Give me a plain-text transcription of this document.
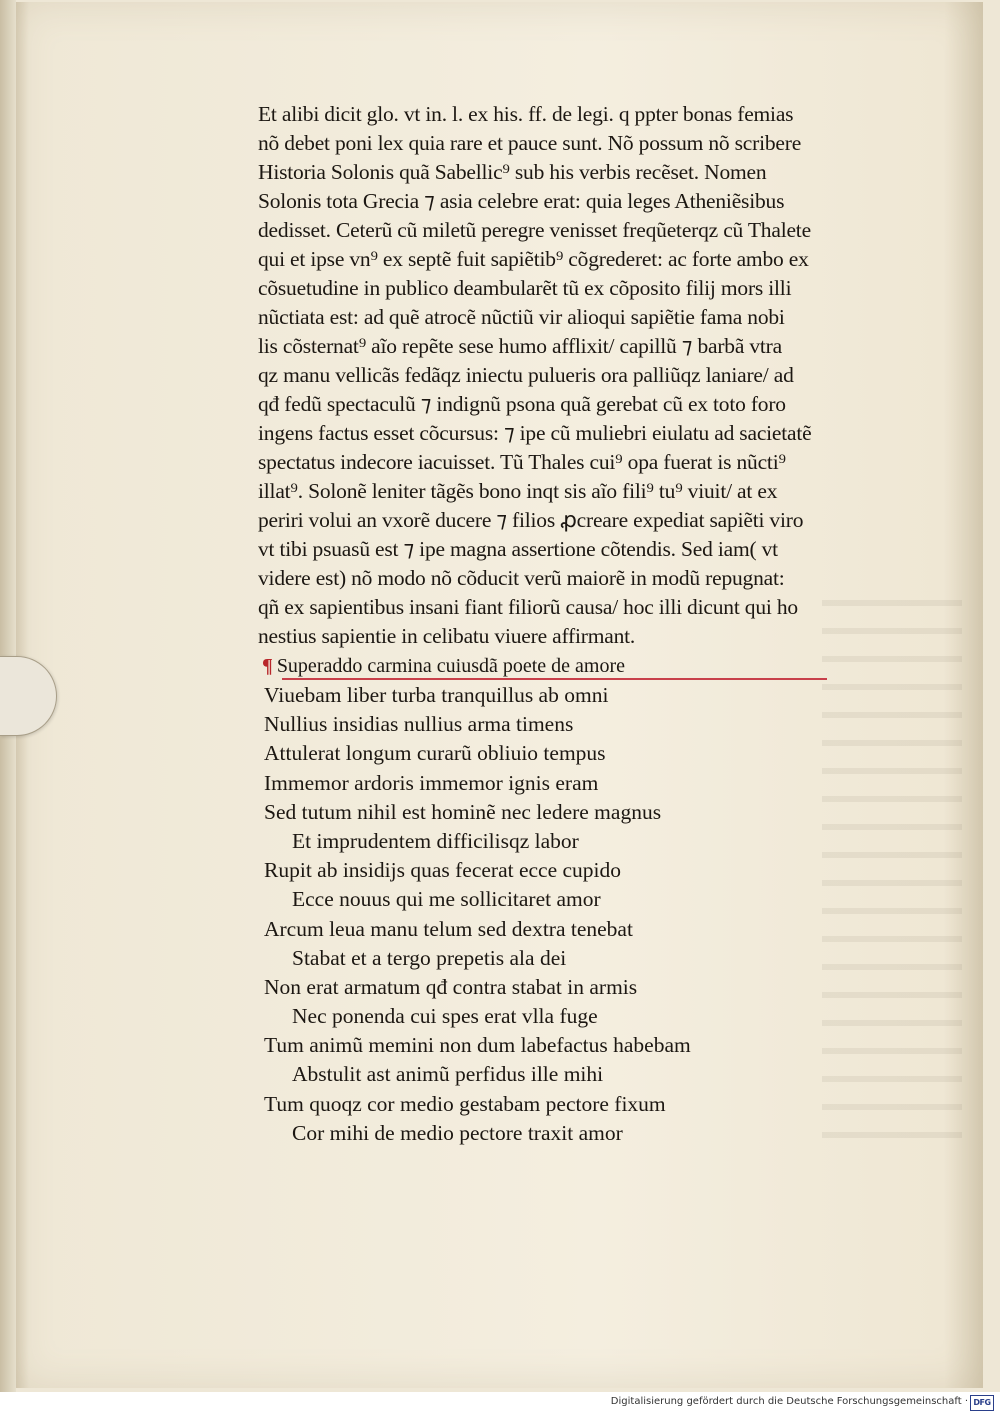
Et alibi dicit glo. vt in. l. ex his. ff. de legi. q ppter bonas femias
nõ debet poni lex quia rare et pauce sunt. Nõ possum nõ scribere
Historia Solonis quã Sabellic⁹ sub his verbis recẽset. Nomen
Solonis tota Grecia ⁊ asia celebre erat: quia leges Atheniẽsibus
dedisset. Ceterũ cũ miletũ peregre venisset freqũeterqz cũ Thalete
qui et ipse vn⁹ ex septẽ fuit sapiẽtib⁹ cõgrederet: ac forte ambo ex
cõsuetudine in publico deambularẽt tũ ex cõposito filij mors illi
nũctiata est: ad quẽ atrocẽ nũctiũ vir alioqui sapiẽtie fama nobi
lis cõsternat⁹ aĩo repẽte sese humo afflixit/ capillũ ⁊ barbã vtra
qz manu vellicãs fedãqz iniectu pulueris ora palliũqz laniare/ ad
qđ fedũ spectaculũ ⁊ indignũ psona quã gerebat cũ ex toto foro
ingens factus esset cõcursus: ⁊ ipe cũ muliebri eiulatu ad sacietatẽ
spectatus indecore iacuisset. Tũ Thales cui⁹ opa fuerat is nũcti⁹
illat⁹. Solonẽ leniter tãgẽs bono inqt sis aĩo fili⁹ tu⁹ viuit/ at ex
periri volui an vxorẽ ducere ⁊ filios ꝓcreare expediat sapiẽti viro
vt tibi psuasũ est ⁊ ipe magna assertione cõtendis. Sed iam( vt
videre est) nõ modo nõ cõducit verũ maiorẽ in modũ repugnat:
qñ ex sapientibus insani fiant filiorũ causa/ hoc illi dicunt qui ho
nestius sapientie in celibatu viuere affirmant.
¶ Superaddo carmina cuiusdã poete de amore
Viuebam liber turba tranquillus ab omni
Nullius insidias nullius arma timens
Attulerat longum curarũ obliuio tempus
Immemor ardoris immemor ignis eram
Sed tutum nihil est hominẽ nec ledere magnus
Et imprudentem difficilisqz labor
Rupit ab insidijs quas fecerat ecce cupido
Ecce nouus qui me sollicitaret amor
Arcum leua manu telum sed dextra tenebat
Stabat et a tergo prepetis ala dei
Non erat armatum qđ contra stabat in armis
Nec ponenda cui spes erat vlla fuge
Tum animũ memini non dum labefactus habebam
Abstulit ast animũ perfidus ille mihi
Tum quoqz cor medio gestabam pectore fixum
Cor mihi de medio pectore traxit amor
Digitalisierung gefördert durch die Deutsche Forschungsgemeinschaft · DFG
